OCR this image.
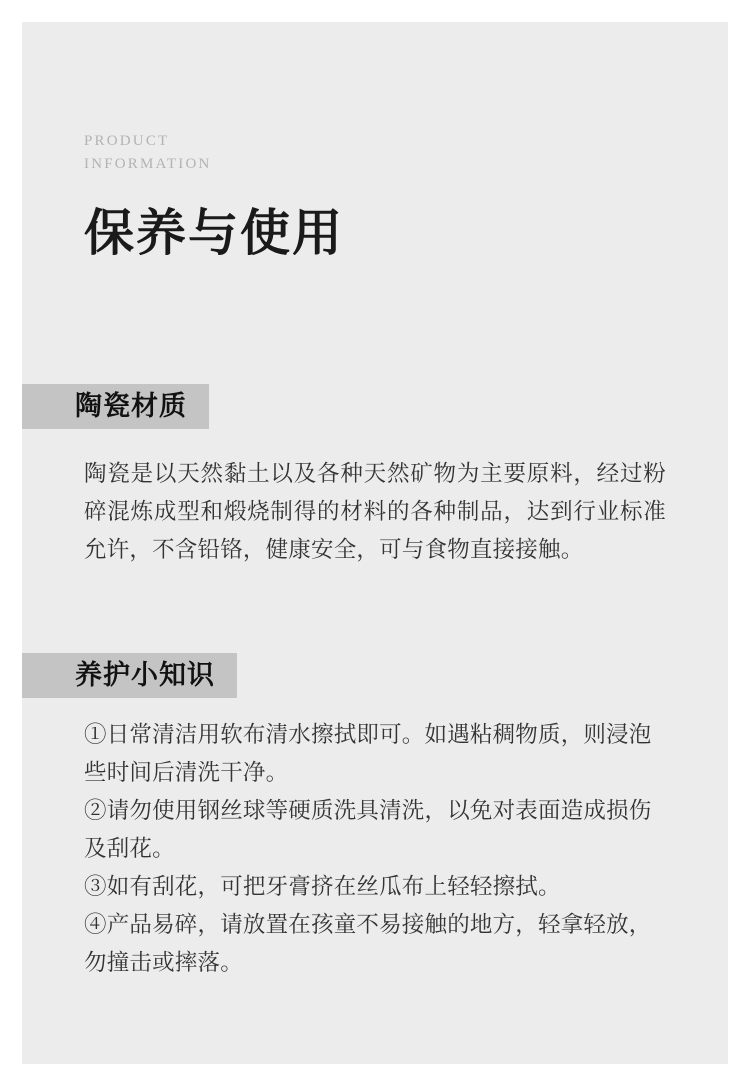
PRODUCT
INFORMATION
保养与使用
陶瓷材质

陶瓷是以天然黏土以及各种天然矿物为主要原料，经过粉碎混炼成型和煅烧制得的材料的各种制品，达到行业标准允许，不含铅铬，健康安全，可与食物直接接触。

养护小知识

①日常清洁用软布清水擦拭即可。如遇粘稠物质，则浸泡些时间后清洗干净。

②请勿使用钢丝球等硬质洗具清洗，以免对表面造成损伤及刮花。

③如有刮花，可把牙膏挤在丝瓜布上轻轻擦拭。

④产品易碎，请放置在孩童不易接触的地方，轻拿轻放，勿撞击或摔落。
